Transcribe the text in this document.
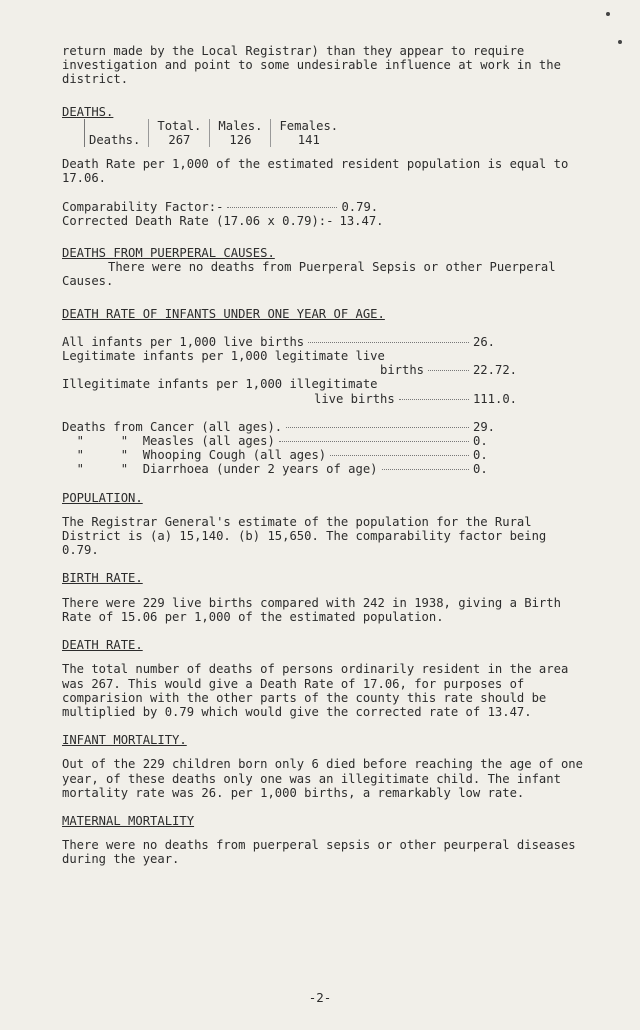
return made by the Local Registrar) than they appear to require investigation and point to some undesirable influence at work in the district.

DEATHS.

	Total.	Males.	Females.
Deaths.	267	126	141

Death Rate per 1,000 of the estimated resident population is equal to 17.06.

Comparability Factor:-	0.79.
Corrected Death Rate (17.06 x 0.79):- 13.47.

DEATHS FROM PUERPERAL CAUSES.

There were no deaths from Puerperal Sepsis or other Puerperal Causes.

DEATH RATE OF INFANTS UNDER ONE YEAR OF AGE.

All infants per 1,000 live births	26.
Legitimate infants per 1,000 legitimate live
births	22.72.
Illegitimate infants per 1,000 illegitimate
live births	111.0.
Deaths from Cancer (all ages).	29.
"     "  Measles (all ages)	0.
"     "  Whooping Cough (all ages)	0.
"     "  Diarrhoea (under 2 years of age)	0.

POPULATION.

The Registrar General's estimate of the population for the Rural District is (a) 15,140. (b) 15,650. The comparability factor being 0.79.

BIRTH RATE.

There were 229 live births compared with 242 in 1938, giving a Birth Rate of 15.06 per 1,000 of the estimated population.

DEATH RATE.

The total number of deaths of persons ordinarily resident in the area was 267. This would give a Death Rate of 17.06, for purposes of comparision with the other parts of the county this rate should be multiplied by 0.79 which would give the corrected rate of 13.47.

INFANT MORTALITY.

Out of the 229 children born only 6 died before reaching the age of one year, of these deaths only one was an illegitimate child. The infant mortality rate was 26. per 1,000 births, a remarkably low rate.

MATERNAL MORTALITY

There were no deaths from puerperal sepsis or other peurperal diseases during the year.

-2-
